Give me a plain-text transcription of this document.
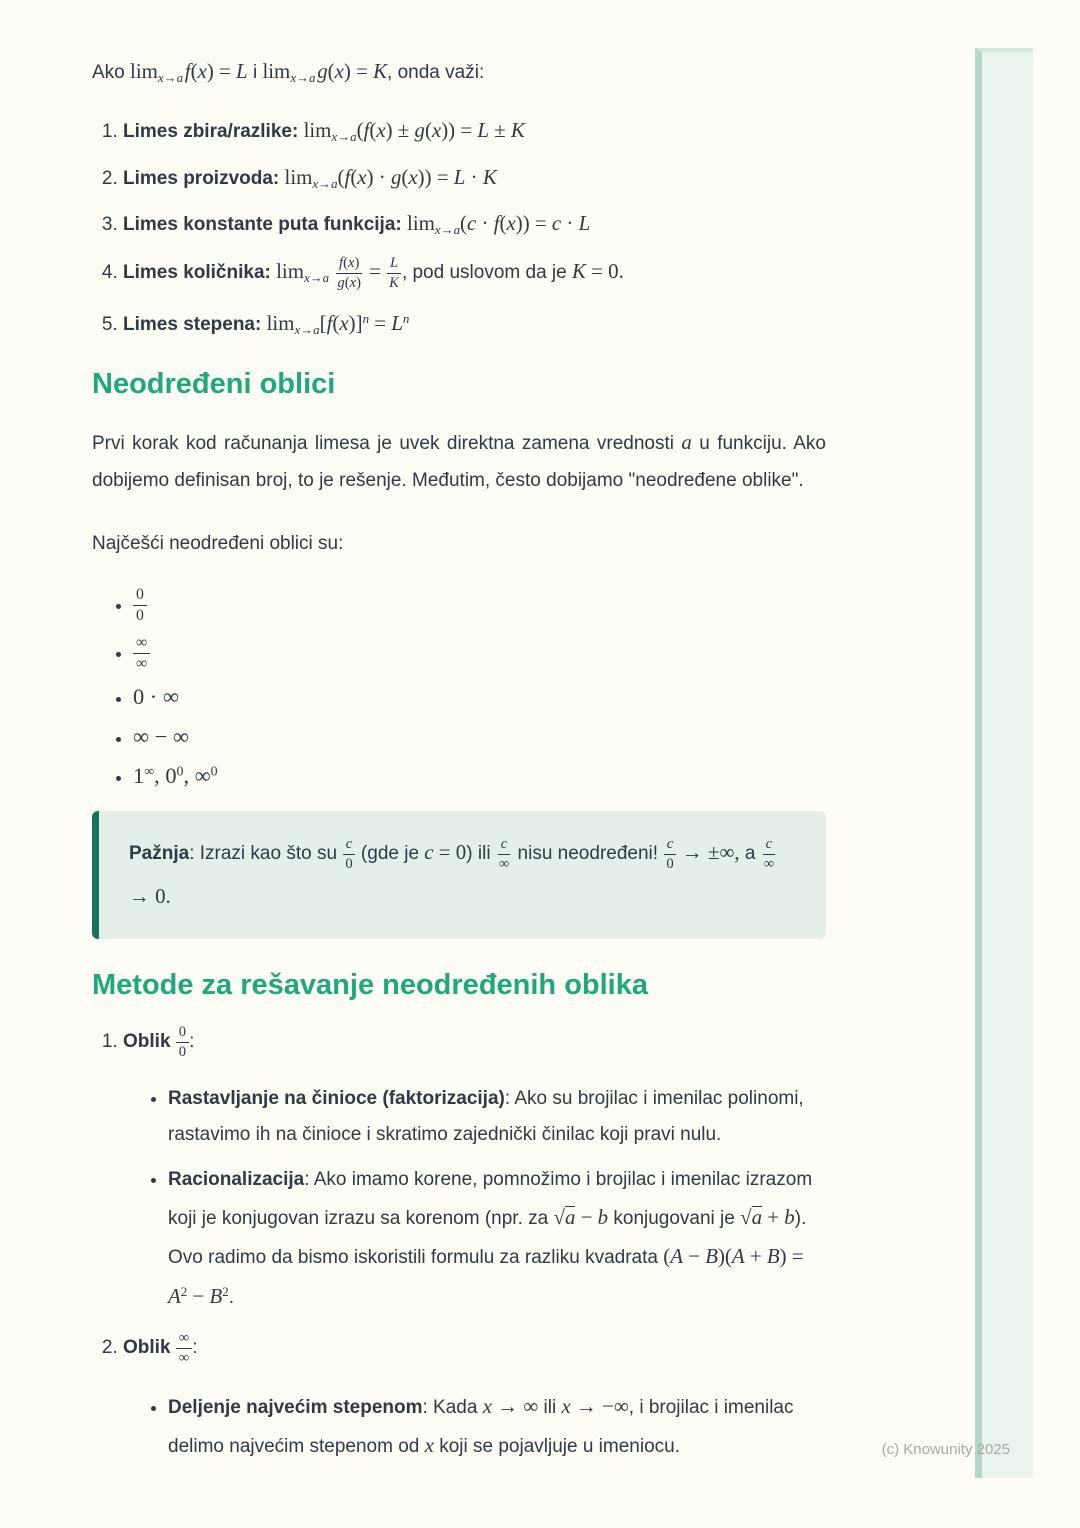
Ako $\lim_{x\to a}$ f(x) = L i $\lim_{x\to a}$ g(x) = K, onda važi:

1. Limes zbira/razlike: $\lim_{x\to a}(f(x) \pm g(x)) = L \pm K$
2. Limes proizvoda: $\lim_{x\to a}(f(x) \cdot g(x)) = L \cdot K$
3. Limes konstante puta funkcija: $\lim_{x\to a}(c \cdot f(x)) = c \cdot L$
4. Limes količnika: $\lim_{x\to a} \frac{f(x)}{g(x)} = \frac{L}{K}$ , pod uslovom da je K = 0.
5. Limes stepena: $\lim_{x\to a}[f(x)]^n = L^n$
Neodređeni oblici

Prvi korak kod računanja limesa je uvek direktna zamena vrednosti a u funkciju. Ako dobijemo definisan broj, to je rešenje. Međutim, često dobijamo "neodređene oblike".

Najčešći neodređeni oblici su:

• $\frac{0}{0}$
• ∞
∞
• 0 · ∞
• ∞ − ∞
• 1∞, $0^0$, ∞$^0$

Pažnja: Izrazi kao što su $\frac{c}{0} (gde$ je c = 0) ili c
∞ nisu neodređeni! $\frac{c}{0}$ → ±∞, a c
∞
→ 0.

Metode za rešavanje neodređenih oblika
1. Oblik $\frac{0}{0}$ :
• Rastavljanje na činioce (faktorizacija): Ako su brojilac i imenilac polinomi, rastavimo ih na činioce i skratimo zajednički činilac koji pravi nulu.
• Racionalizacija: Ako imamo korene, pomnožimo i brojilac i imenilac izrazom koji je konjugovan izrazu sa korenom (npr. za √a − b konjugovani je √a + b). Ovo radimo da bismo iskoristili formulu za razliku kvadrata $(A - B)(A + B) = A^2 - B^2$.
2. Oblik ∞
∞ :
• Deljenje najvećim stepenom: Kada x → ∞ ili x → −∞, i brojilac i imenilac delimo najvećim stepenom od x koji se pojavljuje u imeniocu.	(c) Knowunity 2025
